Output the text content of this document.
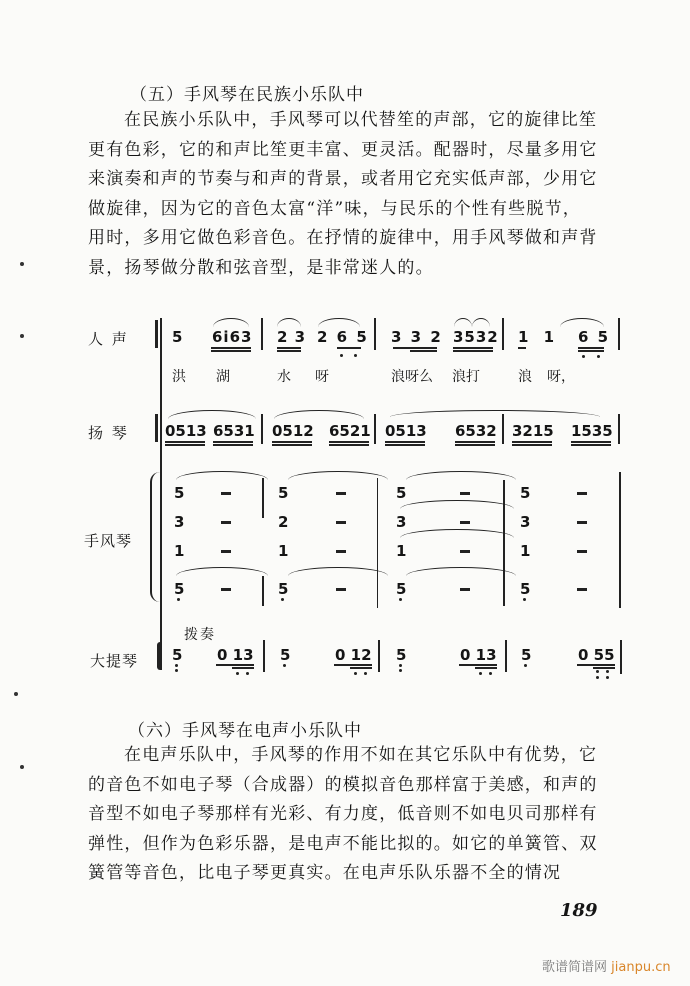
（五）手风琴在民族小乐队中
在民族小乐队中，手风琴可以代替笙的声部，它的旋律比笙
更有色彩，它的和声比笙更丰富、更灵活。配器时，尽量多用它
来演奏和声的节奏与和声的背景，或者用它充实低声部，少用它
做旋律，因为它的音色太富“洋”味，与民乐的个性有些脱节，
用时，多用它做色彩音色。在抒情的旋律中，用手风琴做和声背
景，扬琴做分散和弦音型，是非常迷人的。
人 声	5 6i63 2 3 2 6 5 3 3 2 3532 1 1 6 5
洪 湖	水 呀	浪呀么 浪打	浪 呀，
扬 琴 0513 6531 0512 6521 0513 6532 3215 1535
手风琴
5	5	5	5
3	2	3	3
1	1	1	1
5	5	5	5
拨奏
大提琴 5 0 13 5	0 12 5	0 13 5	0 55
（六）手风琴在电声小乐队中
在电声乐队中，手风琴的作用不如在其它乐队中有优势，它
的音色不如电子琴（合成器）的模拟音色那样富于美感，和声的
音型不如电子琴那样有光彩、有力度，低音则不如电贝司那样有
弹性，但作为色彩乐器，是电声不能比拟的。如它的单簧管、双
簧管等音色，比电子琴更真实。在电声乐队乐器不全的情况
189
歌谱简谱网 jianpu.cn
